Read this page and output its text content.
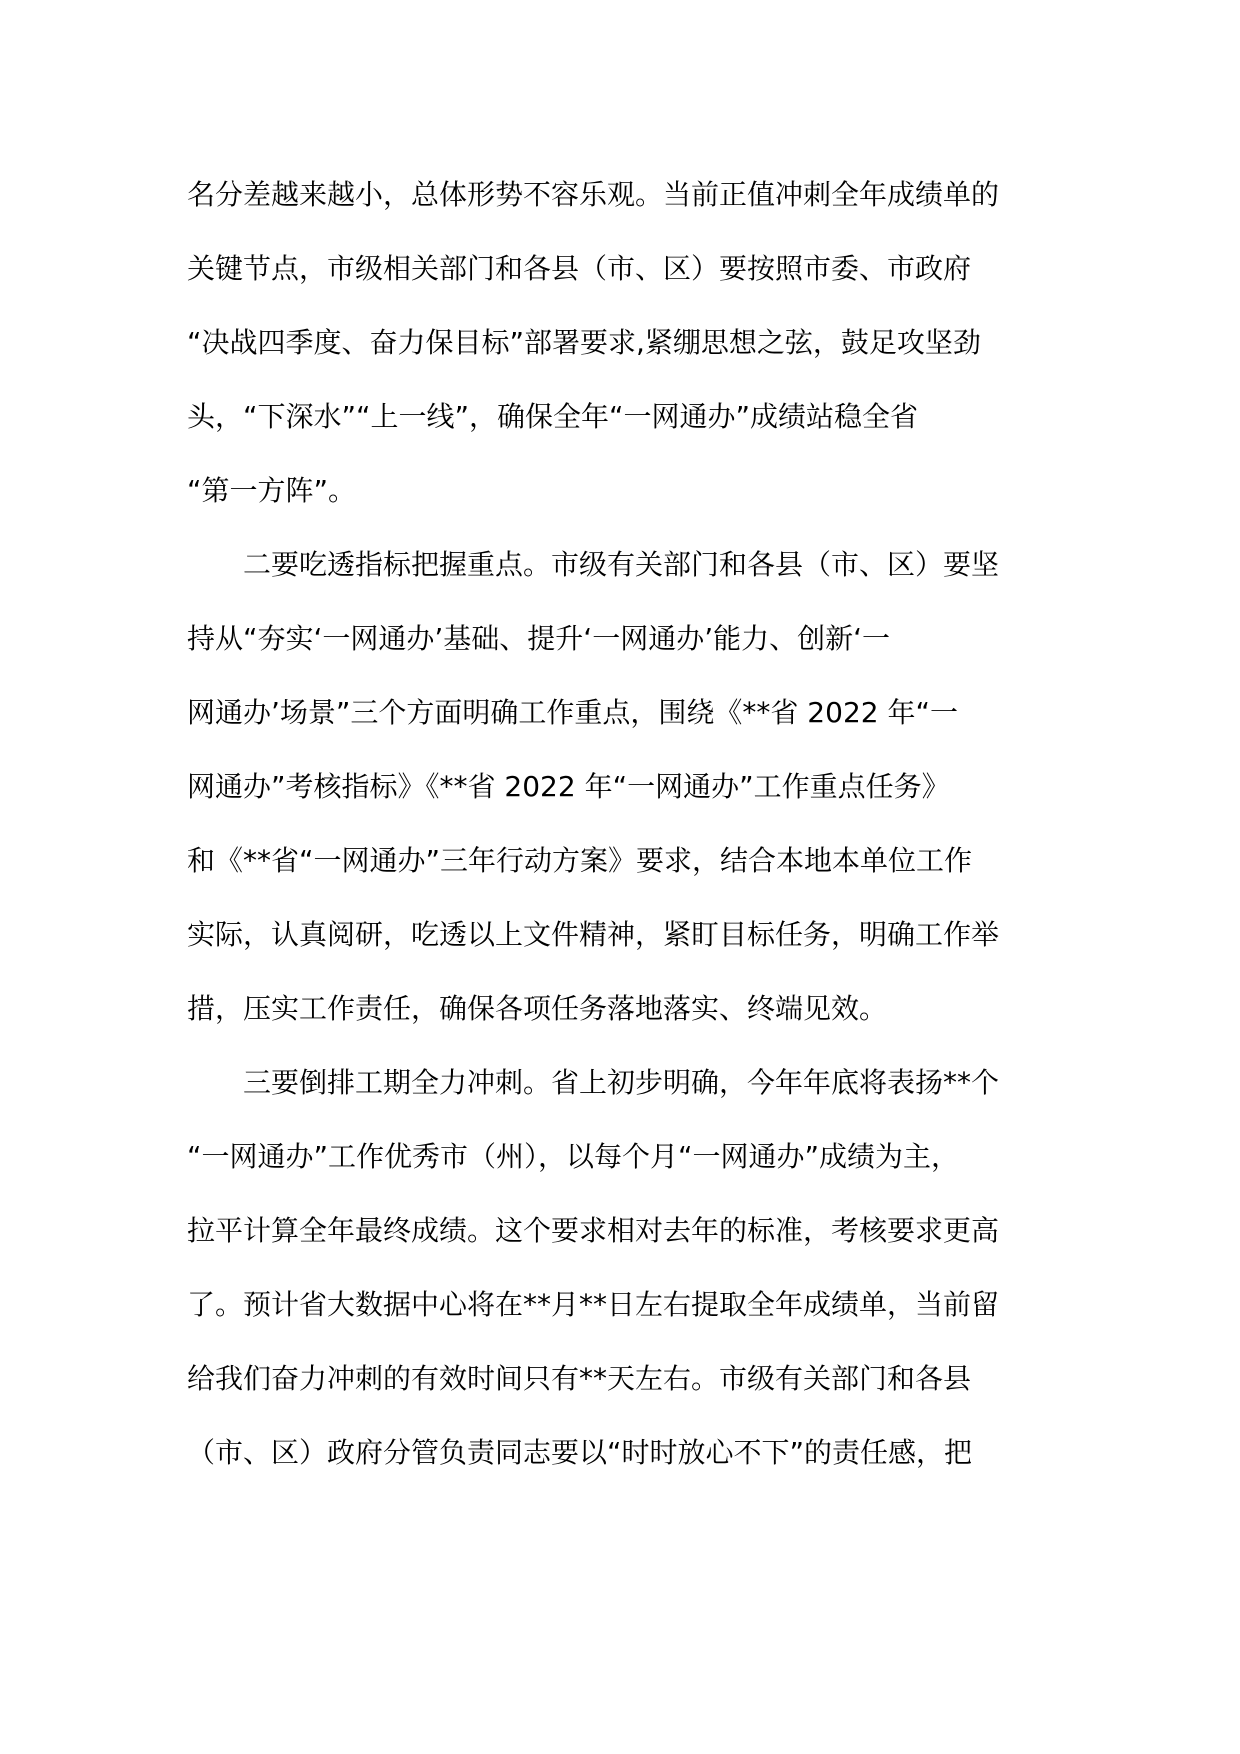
名分差越来越小，总体形势不容乐观。当前正值冲刺全年成绩单的
关键节点，市级相关部门和各县（市、区）要按照市委、市政府
“决战四季度、奋力保目标”部署要求,紧绷思想之弦，鼓足攻坚劲
头，“下深水”“上一线”，确保全年“一网通办”成绩站稳全省
“第一方阵”。
二要吃透指标把握重点。市级有关部门和各县（市、区）要坚
持从“夯实‘一网通办’基础、提升‘一网通办’能力、创新‘一
网通办’场景”三个方面明确工作重点，围绕《**省 2022 年“一
网通办”考核指标》《**省 2022 年“一网通办”工作重点任务》
和《**省“一网通办”三年行动方案》要求，结合本地本单位工作
实际，认真阅研，吃透以上文件精神，紧盯目标任务，明确工作举
措，压实工作责任，确保各项任务落地落实、终端见效。
三要倒排工期全力冲刺。省上初步明确，今年年底将表扬**个
“一网通办”工作优秀市（州），以每个月“一网通办”成绩为主，
拉平计算全年最终成绩。这个要求相对去年的标准，考核要求更高
了。预计省大数据中心将在**月**日左右提取全年成绩单，当前留
给我们奋力冲刺的有效时间只有**天左右。市级有关部门和各县
（市、区）政府分管负责同志要以“时时放心不下”的责任感，把
